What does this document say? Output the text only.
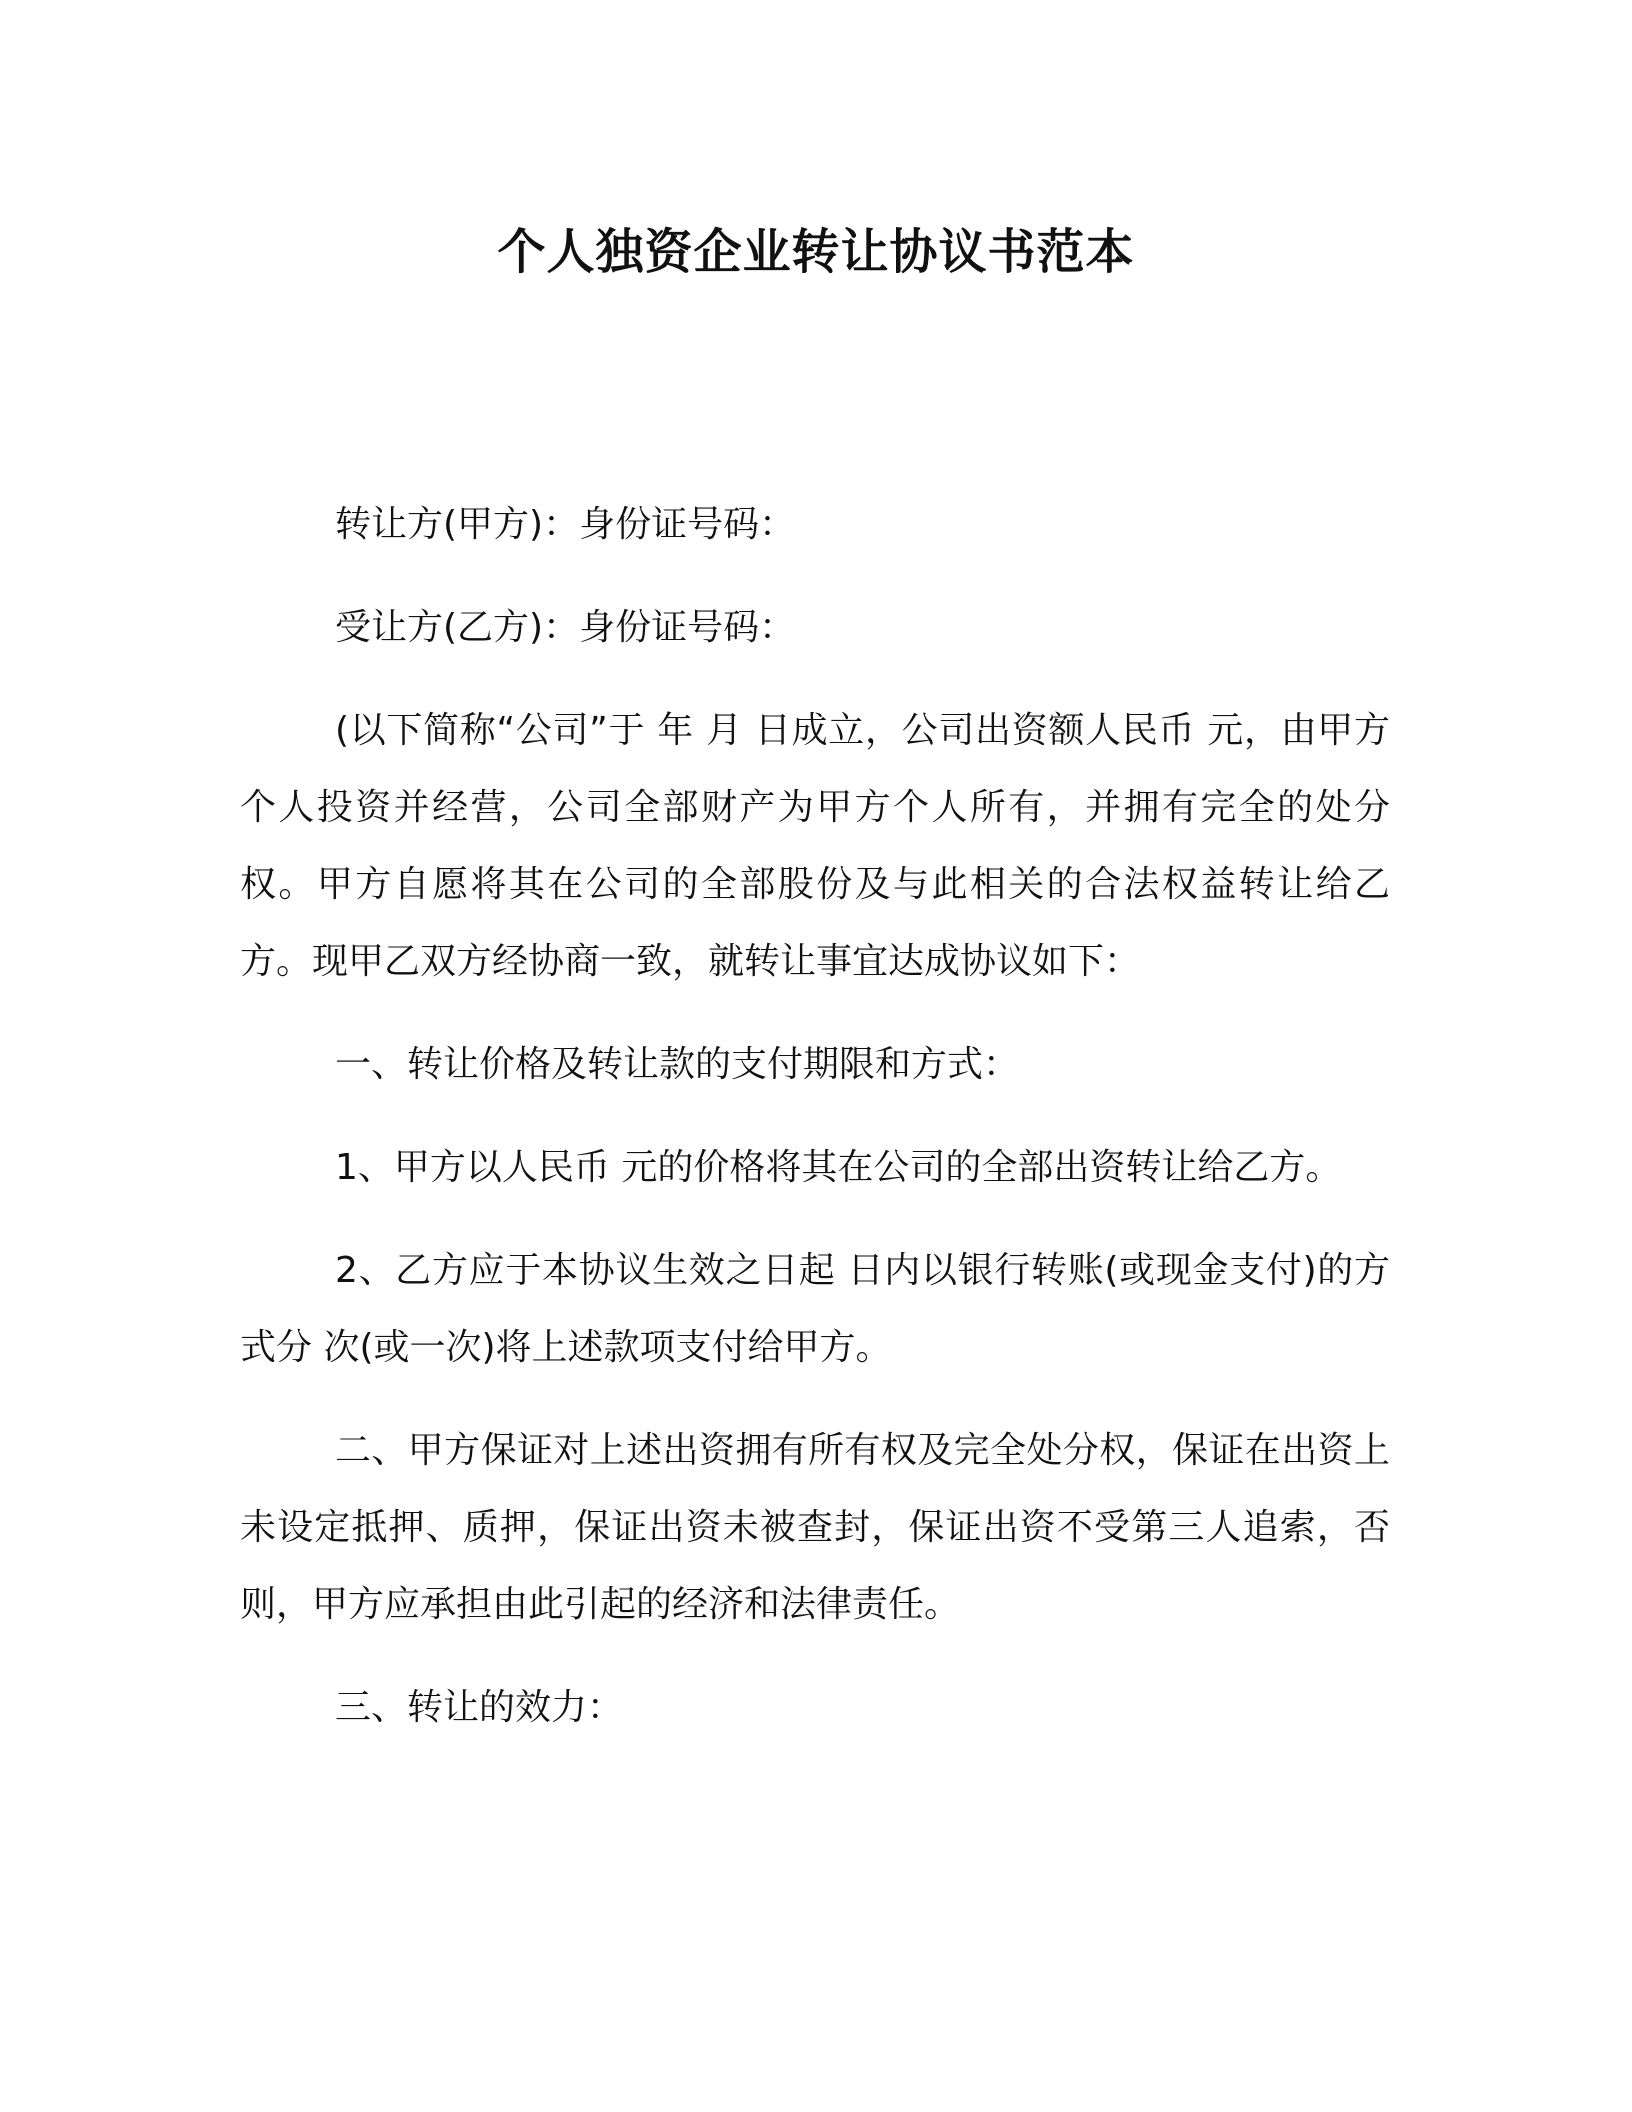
个人独资企业转让协议书范本

转让方(甲方)：身份证号码：

受让方(乙方)：身份证号码：

(以下简称“公司”于 年 月 日成立，公司出资额人民币 元，由甲方个人投资并经营，公司全部财产为甲方个人所有，并拥有完全的处分权。甲方自愿将其在公司的全部股份及与此相关的合法权益转让给乙方。现甲乙双方经协商一致，就转让事宜达成协议如下：

一、转让价格及转让款的支付期限和方式：

1、甲方以人民币 元的价格将其在公司的全部出资转让给乙方。

2、乙方应于本协议生效之日起 日内以银行转账(或现金支付)的方式分 次(或一次)将上述款项支付给甲方。

二、甲方保证对上述出资拥有所有权及完全处分权，保证在出资上未设定抵押、质押，保证出资未被查封，保证出资不受第三人追索，否则，甲方应承担由此引起的经济和法律责任。

三、转让的效力：
